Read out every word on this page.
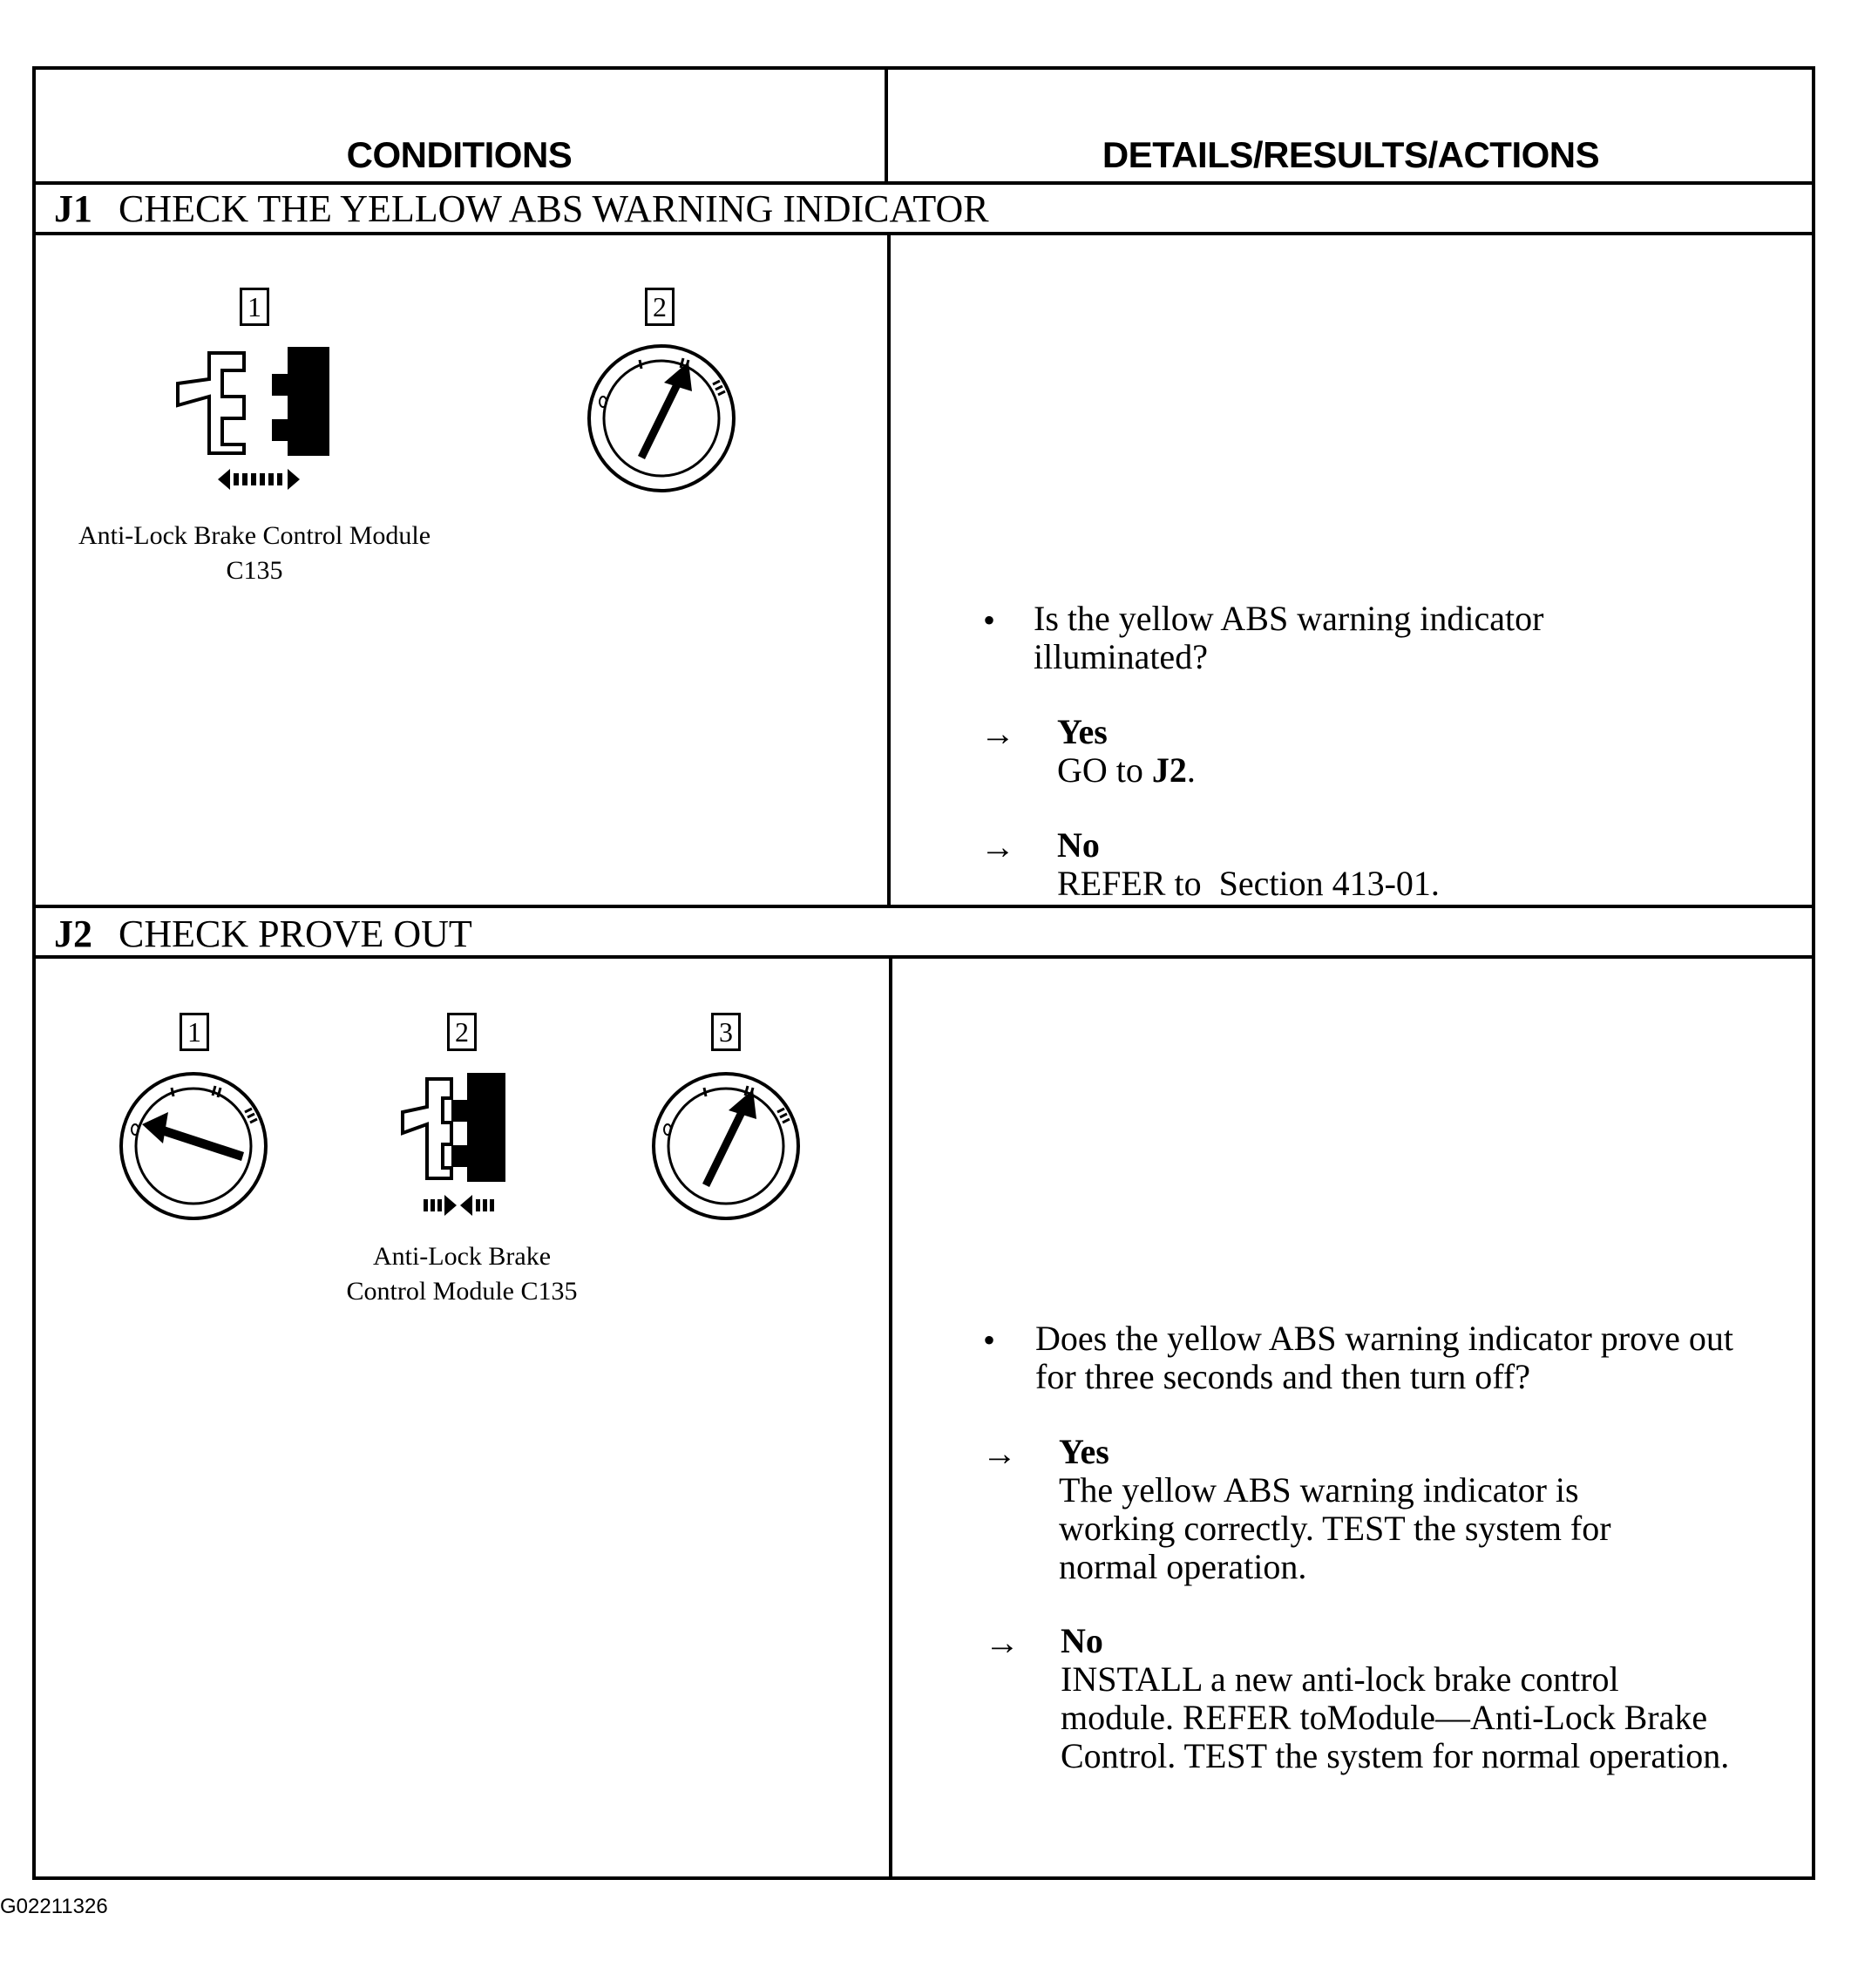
CONDITIONS	DETAILS/RESULTS/ACTIONS
J1 CHECK THE YELLOW ABS WARNING INDICATOR
1	2
Anti-Lock Brake Control Module
C135
• Is the yellow ABS warning indicator illuminated?
→ Yes
GO to J2.
→ No
REFER to  Section 413-01.
J2 CHECK PROVE OUT
1	2	3
Anti-Lock Brake
Control Module C135
• Does the yellow ABS warning indicator prove out for three seconds and then turn off?
→ Yes
The yellow ABS warning indicator is working correctly. TEST the system for normal operation.
→ No
INSTALL a new anti-lock brake control module. REFER toModule—Anti-Lock Brake Control. TEST the system for normal operation.
G02211326
